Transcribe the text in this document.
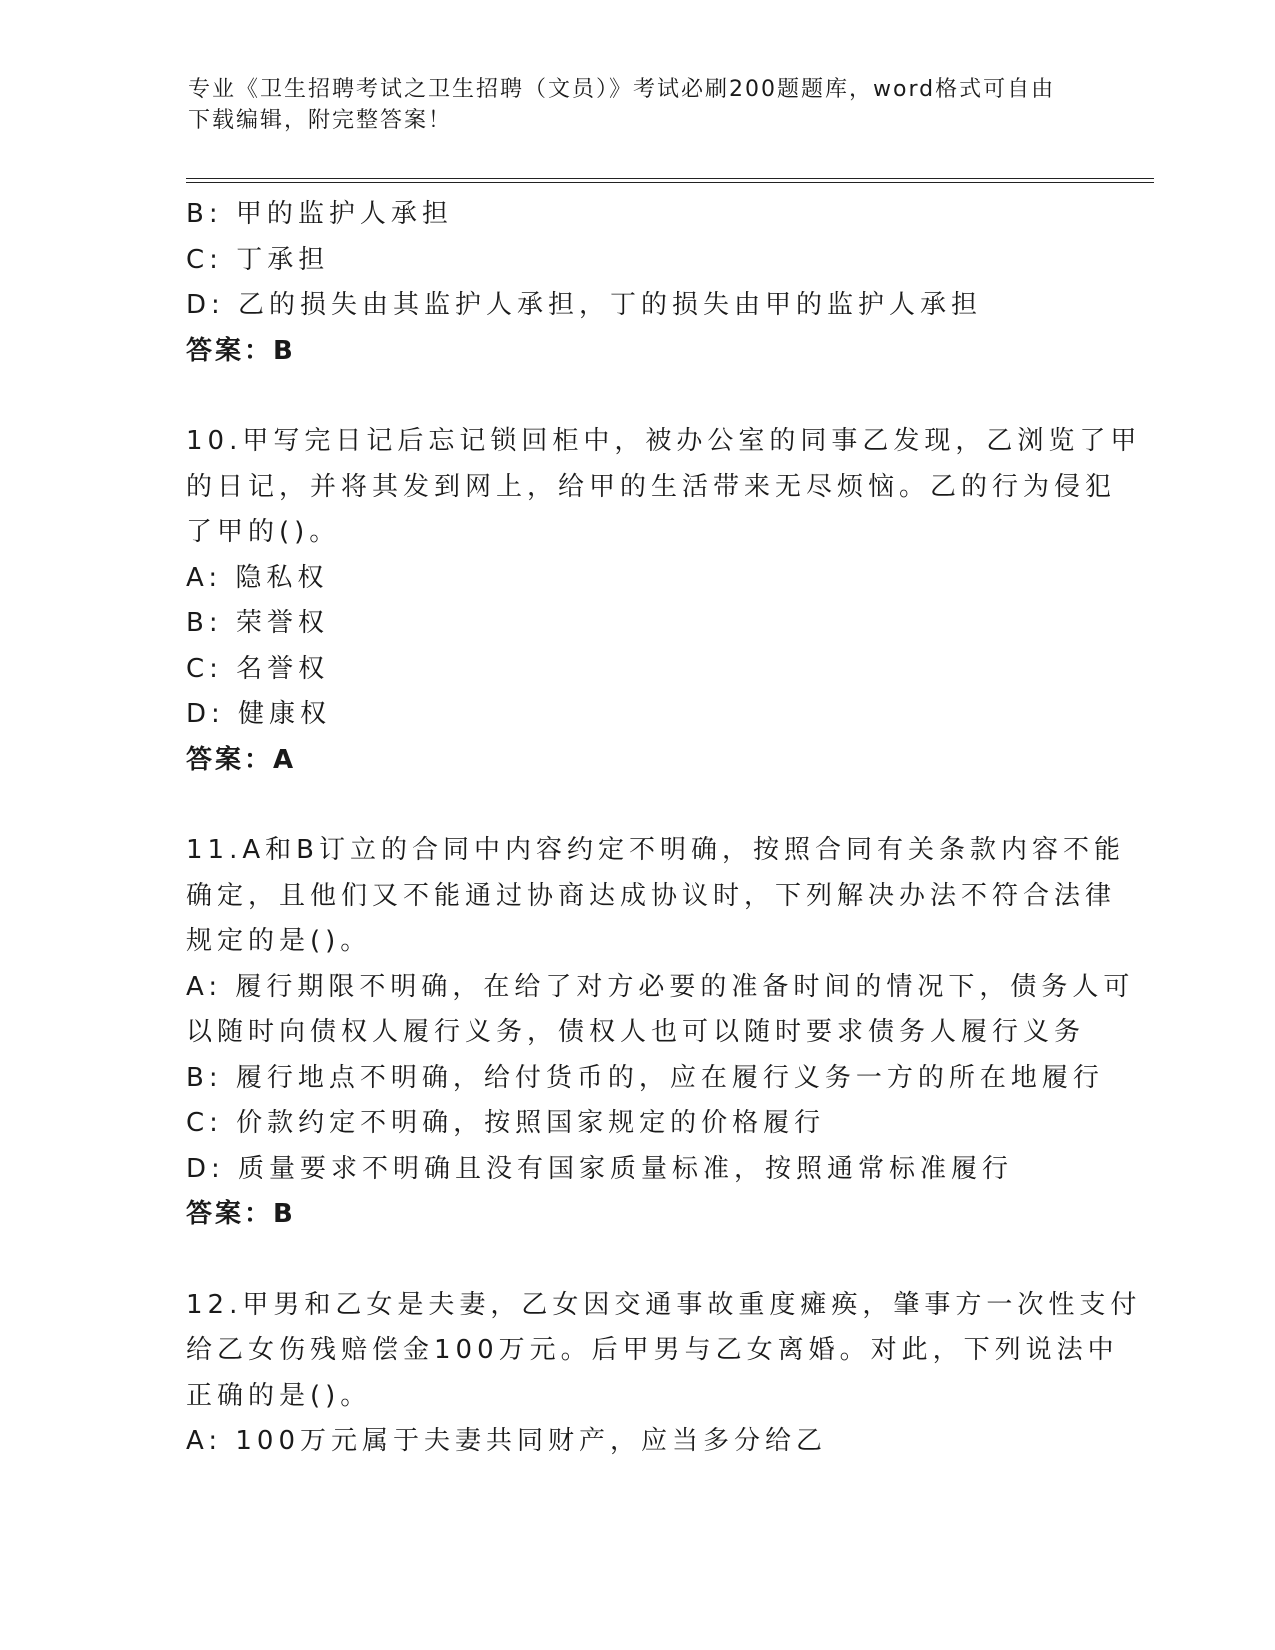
专业《卫生招聘考试之卫生招聘（文员）》考试必刷200题题库，word格式可自由下载编辑，附完整答案！
B: 甲的监护人承担
C: 丁承担
D: 乙的损失由其监护人承担，丁的损失由甲的监护人承担
答案：B
10.甲写完日记后忘记锁回柜中，被办公室的同事乙发现，乙浏览了甲
的日记，并将其发到网上，给甲的生活带来无尽烦恼。乙的行为侵犯
了甲的()。
A: 隐私权
B: 荣誉权
C: 名誉权
D: 健康权
答案：A
11.A和B订立的合同中内容约定不明确，按照合同有关条款内容不能
确定，且他们又不能通过协商达成协议时，下列解决办法不符合法律
规定的是()。
A: 履行期限不明确，在给了对方必要的准备时间的情况下，债务人可
以随时向债权人履行义务，债权人也可以随时要求债务人履行义务
B: 履行地点不明确，给付货币的，应在履行义务一方的所在地履行
C: 价款约定不明确，按照国家规定的价格履行
D: 质量要求不明确且没有国家质量标准，按照通常标准履行
答案：B
12.甲男和乙女是夫妻，乙女因交通事故重度瘫痪，肇事方一次性支付
给乙女伤残赔偿金100万元。后甲男与乙女离婚。对此，下列说法中
正确的是()。
A: 100万元属于夫妻共同财产，应当多分给乙
